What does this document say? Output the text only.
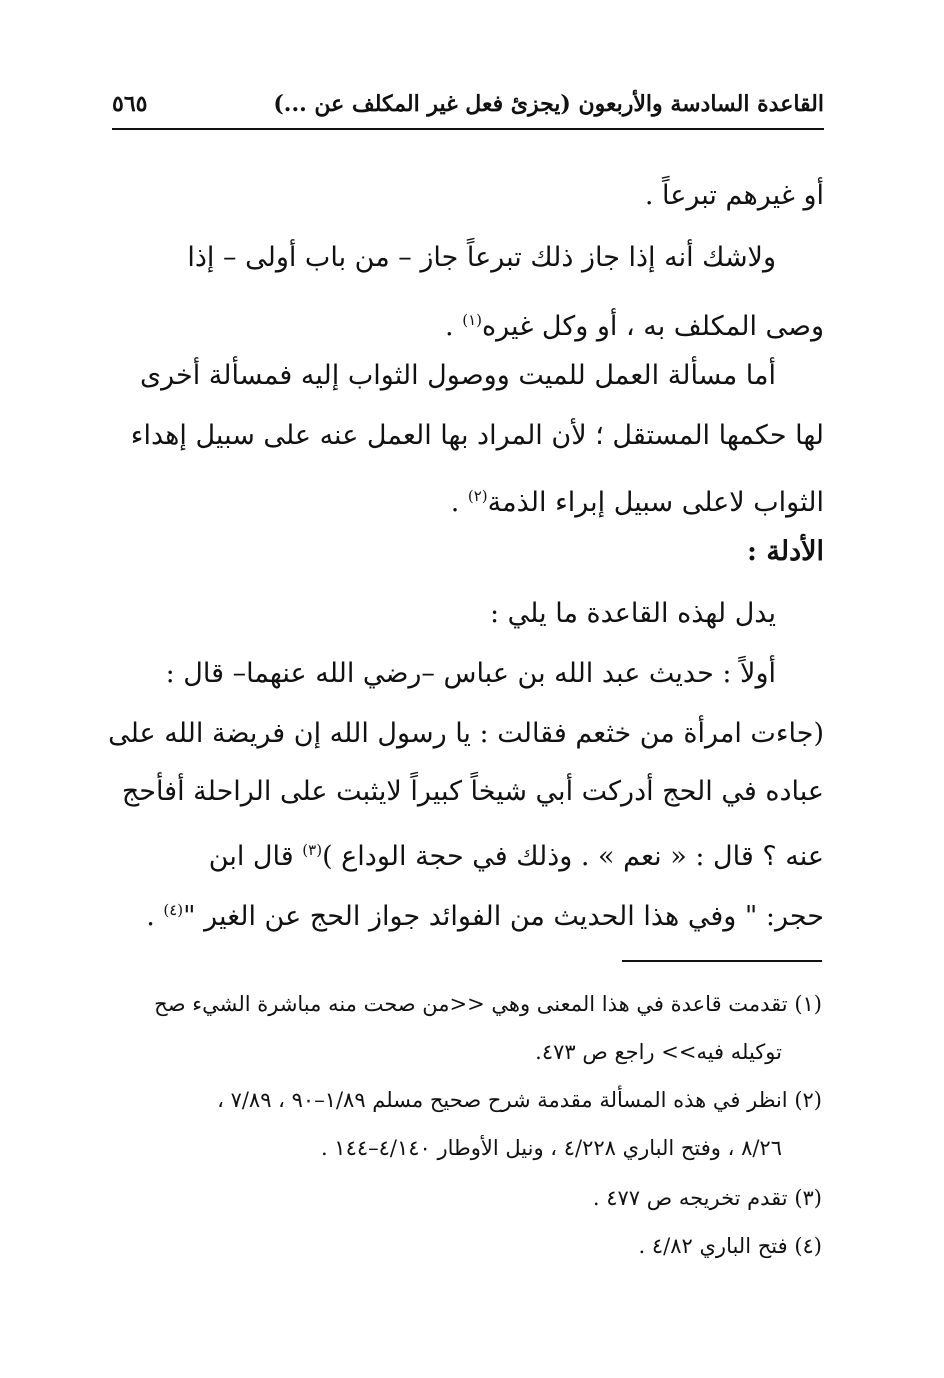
القاعدة السادسة والأربعون (يجزئ فعل غير المكلف عن ...)
٥٦٥
أو غيرهم تبرعاً .
ولاشك أنه إذا جاز ذلك تبرعاً جاز – من باب أولى – إذا
وصى المكلف به ، أو وكل غيره$^{(١)}$ .
أما مسألة العمل للميت ووصول الثواب إليه فمسألة أخرى
لها حكمها المستقل ؛ لأن المراد بها العمل عنه على سبيل إهداء
الثواب لاعلى سبيل إبراء الذمة$^{(٢)}$ .
الأدلة :
يدل لهذه القاعدة ما يلي :
أولاً : حديث عبد الله بن عباس –رضي الله عنهما– قال :
(جاءت امرأة من خثعم فقالت : يا رسول الله إن فريضة الله على
عباده في الحج أدركت أبي شيخاً كبيراً لايثبت على الراحلة أفأحج
عنه ؟ قال : « نعم » . وذلك في حجة الوداع )$^{(٣)}$ قال ابن
حجر: " وفي هذا الحديث من الفوائد جواز الحج عن الغير "$^{(٤)}$ .
(١) تقدمت قاعدة في هذا المعنى وهي <<من صحت منه مباشرة الشيء صح
توكيله فيه>> راجع ص ٤٧٣.
(٢) انظر في هذه المسألة مقدمة شرح صحيح مسلم ١/٨٩–٩٠ ، ٧/٨٩ ،
٨/٢٦ ، وفتح الباري ٤/٢٢٨ ، ونيل الأوطار ٤/١٤٠–١٤٤ .
(٣) تقدم تخريجه ص ٤٧٧ .
(٤) فتح الباري ٤/٨٢ .
